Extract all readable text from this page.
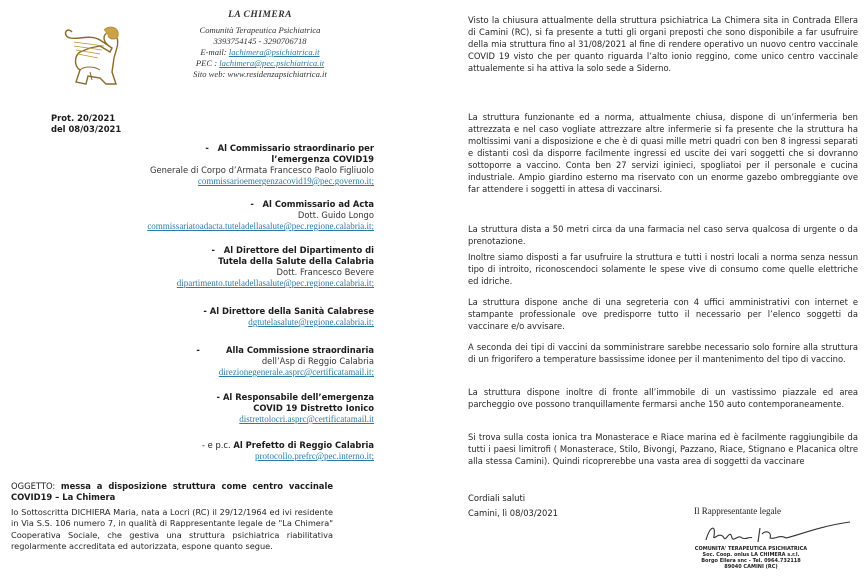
LA CHIMERA
Comunità Terapeutica Psichiatrica
3393754145 - 3290706718
E-mail: lachimera@psichiatrica.it
PEC : lachimera@pec.psichiatrica.it
Sito web: www.residenzapsichiatrica.it
Prot. 20/2021
del 08/03/2021
- Al Commissario straordinario per
l’emergenza COVID19
Generale di Corpo d’Armata Francesco Paolo Figliuolo
commissarioemergenzacovid19@pec.governo.it;
- Al Commissario ad Acta
Dott. Guido Longo
commissariatoadacta.tuteladellasalute@pec.regione.calabria.it;
- Al Direttore del Dipartimento di
Tutela della Salute della Calabria
Dott. Francesco Bevere
dipartimento.tuteladellasalute@pec.regione.calabria.it;
- Al Direttore della Sanità Calabrese
dgtutelasalute@regione.calabria.it;
-	Alla Commissione straordinaria
dell’Asp di Reggio Calabria
direzionegenerale.asprc@certificatamail.it;
- Al Responsabile dell’emergenza
COVID 19 Distretto Ionico
distrettolocri.asprc@certificatamail.it
- e p.c. Al Prefetto di Reggio Calabria
protocollo.prefrc@pec.interno.it;
OGGETTO: messa a disposizione struttura come centro vaccinale COVID19 – La Chimera
Io Sottoscritta DICHIERA Maria, nata a Locri (RC) il 29/12/1964 ed ivi residente in Via S.S. 106 numero 7, in qualità di Rappresentante legale de "La Chimera" Cooperativa Sociale, che gestiva una struttura psichiatrica riabilitativa regolarmente accreditata ed autorizzata, espone quanto segue.

Visto la chiusura attualmente della struttura psichiatrica La Chimera sita in Contrada Ellera di Camini (RC), si fa presente a tutti gli organi preposti che sono disponibile a far usufruire della mia struttura fino al 31/08/2021 al fine di rendere operativo un nuovo centro vaccinale COVID 19 visto che per quanto riguarda l’alto ionio reggino, come unico centro vaccinale attualemente si ha attiva la solo sede a Siderno.

La struttura funzionante ed a norma, attualmente chiusa, dispone di un’infermeria ben attrezzata e nel caso vogliate attrezzare altre infermerie si fa presente che la struttura ha moltissimi vani a disposizione e che è di quasi mille metri quadri con ben 8 ingressi separati e distanti così da disporre facilmente ingressi ed uscite dei vari soggetti che si dovranno sottoporre a vaccino. Conta ben 27 servizi iginieci, spogliatoi per il personale e cucina industriale. Ampio giardino esterno ma riservato con un enorme gazebo ombreggiante ove far attendere i soggetti in attesa di vaccinarsi.

La struttura dista a 50 metri circa da una farmacia nel caso serva qualcosa di urgente o da prenotazione.

Inoltre siamo disposti a far usufruire la struttura e tutti i nostri locali a norma senza nessun tipo di introito, riconoscendoci solamente le spese vive di consumo come quelle elettriche ed idriche.

La struttura dispone anche di una segreteria con 4 uffici amministrativi con internet e stampante professionale ove predisporre tutto il necessario per l’elenco soggetti da vaccinare e/o avvisare.

A seconda dei tipi di vaccini da somministrare sarebbe necessario solo fornire alla struttura di un frigorifero a temperature bassissime idonee per il mantenimento del tipo di vaccino.

La struttura dispone inoltre di fronte all’immobile di un vastissimo piazzale ed area parcheggio ove possono tranquillamente fermarsi anche 150 auto contemporaneamente.

Si trova sulla costa ionica tra Monasterace e Riace marina ed è facilmente raggiungibile da tutti i paesi limitrofi ( Monasterace, Stilo, Bivongi, Pazzano, Riace, Stignano e Placanica oltre alla stessa Camini). Quindi ricoprerebbe una vasta area di soggetti da vaccinare

Cordiali saluti
Camini, lì 08/03/2021	Il Rappresentante legale
COMUNITA' TERAPEUTICA PSICHIATRICA
Soc. Coop. onlus LA CHIMERA s.r.l.
Borgo Ellera snc - Tel. 0964.732118
89040 CAMINI (RC)
